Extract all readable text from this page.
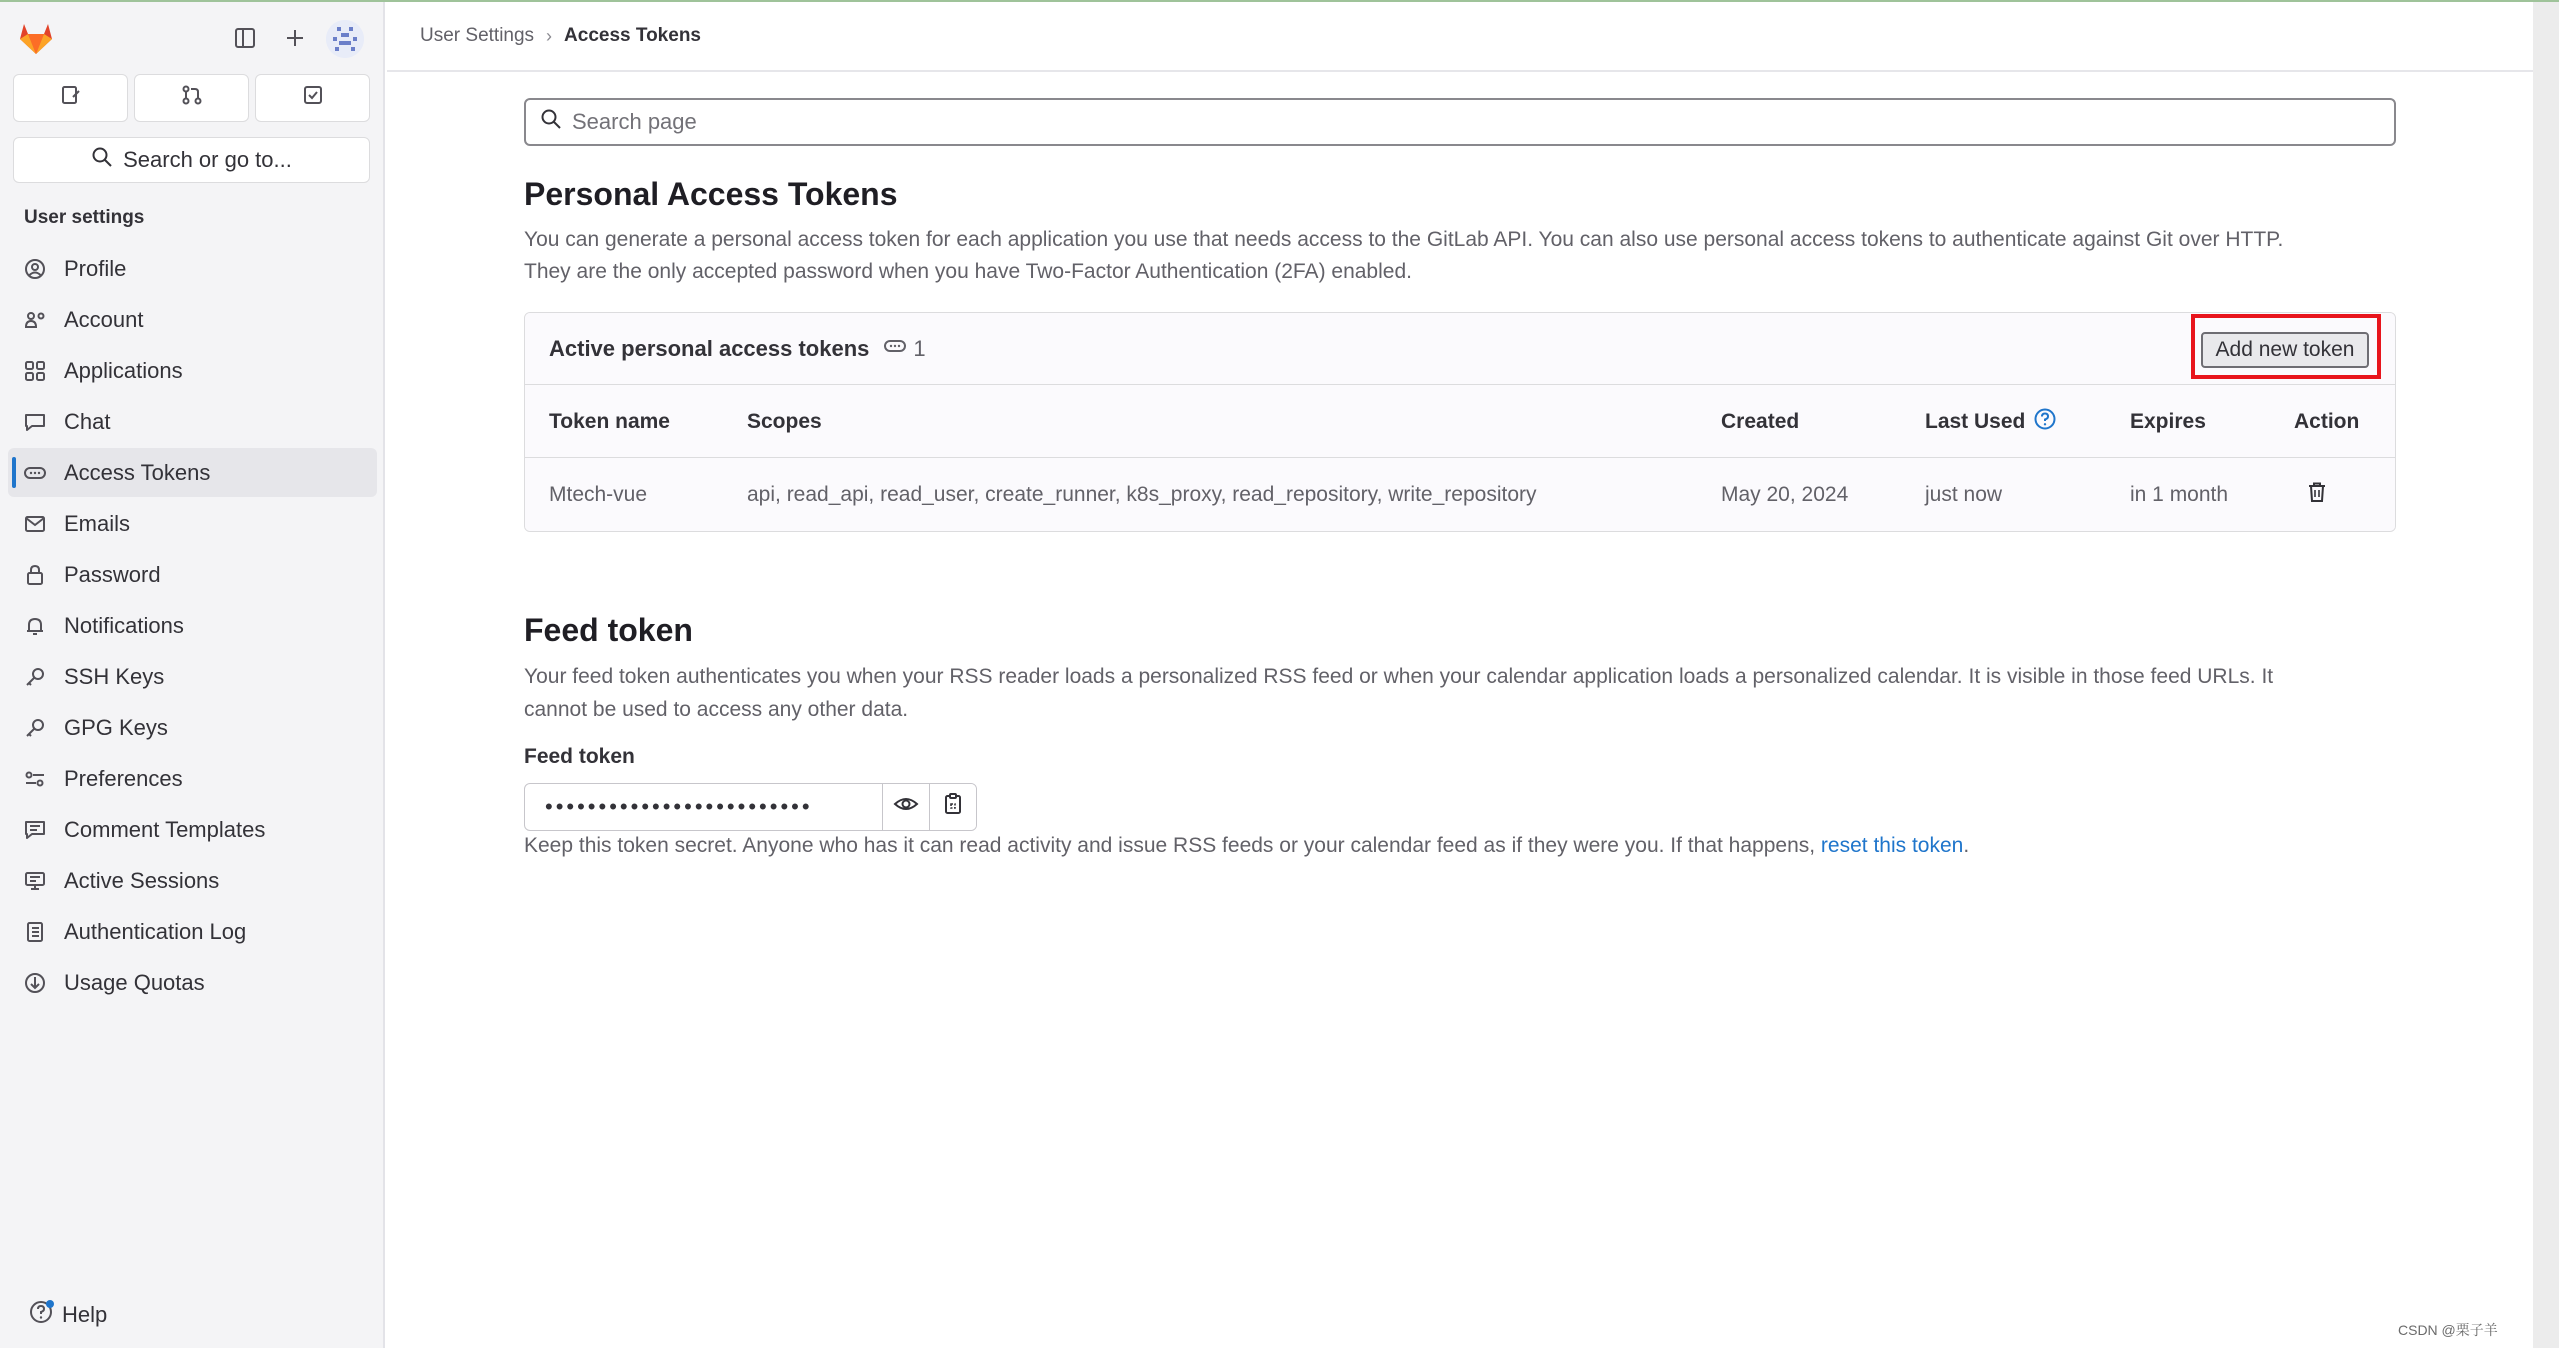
Search or go to...
User settings
Profile
Account
Applications
Chat
Access Tokens
Emails
Password
Notifications
SSH Keys
GPG Keys
Preferences
Comment Templates
Active Sessions
Authentication Log
Usage Quotas
Help
User Settings › Access Tokens
Search page
Personal Access Tokens
You can generate a personal access token for each application you use that needs access to the GitLab API. You can also use personal access tokens to authenticate against Git over HTTP.
They are the only accepted password when you have Two-Factor Authentication (2FA) enabled.
Active personal access tokens 1	Add new token
Token name	Scopes	Created	Last Used	Expires	Action
Mtech-vue	api, read_api, read_user, create_runner, k8s_proxy, read_repository, write_repository	May 20, 2024	just now	in 1 month
Feed token
Your feed token authenticates you when your RSS reader loads a personalized RSS feed or when your calendar application loads a personalized calendar. It is visible in those feed URLs. It
cannot be used to access any other data.
Feed token
•••••••••••••••••••••••••
Keep this token secret. Anyone who has it can read activity and issue RSS feeds or your calendar feed as if they were you. If that happens, reset this token.
CSDN @栗子羊
